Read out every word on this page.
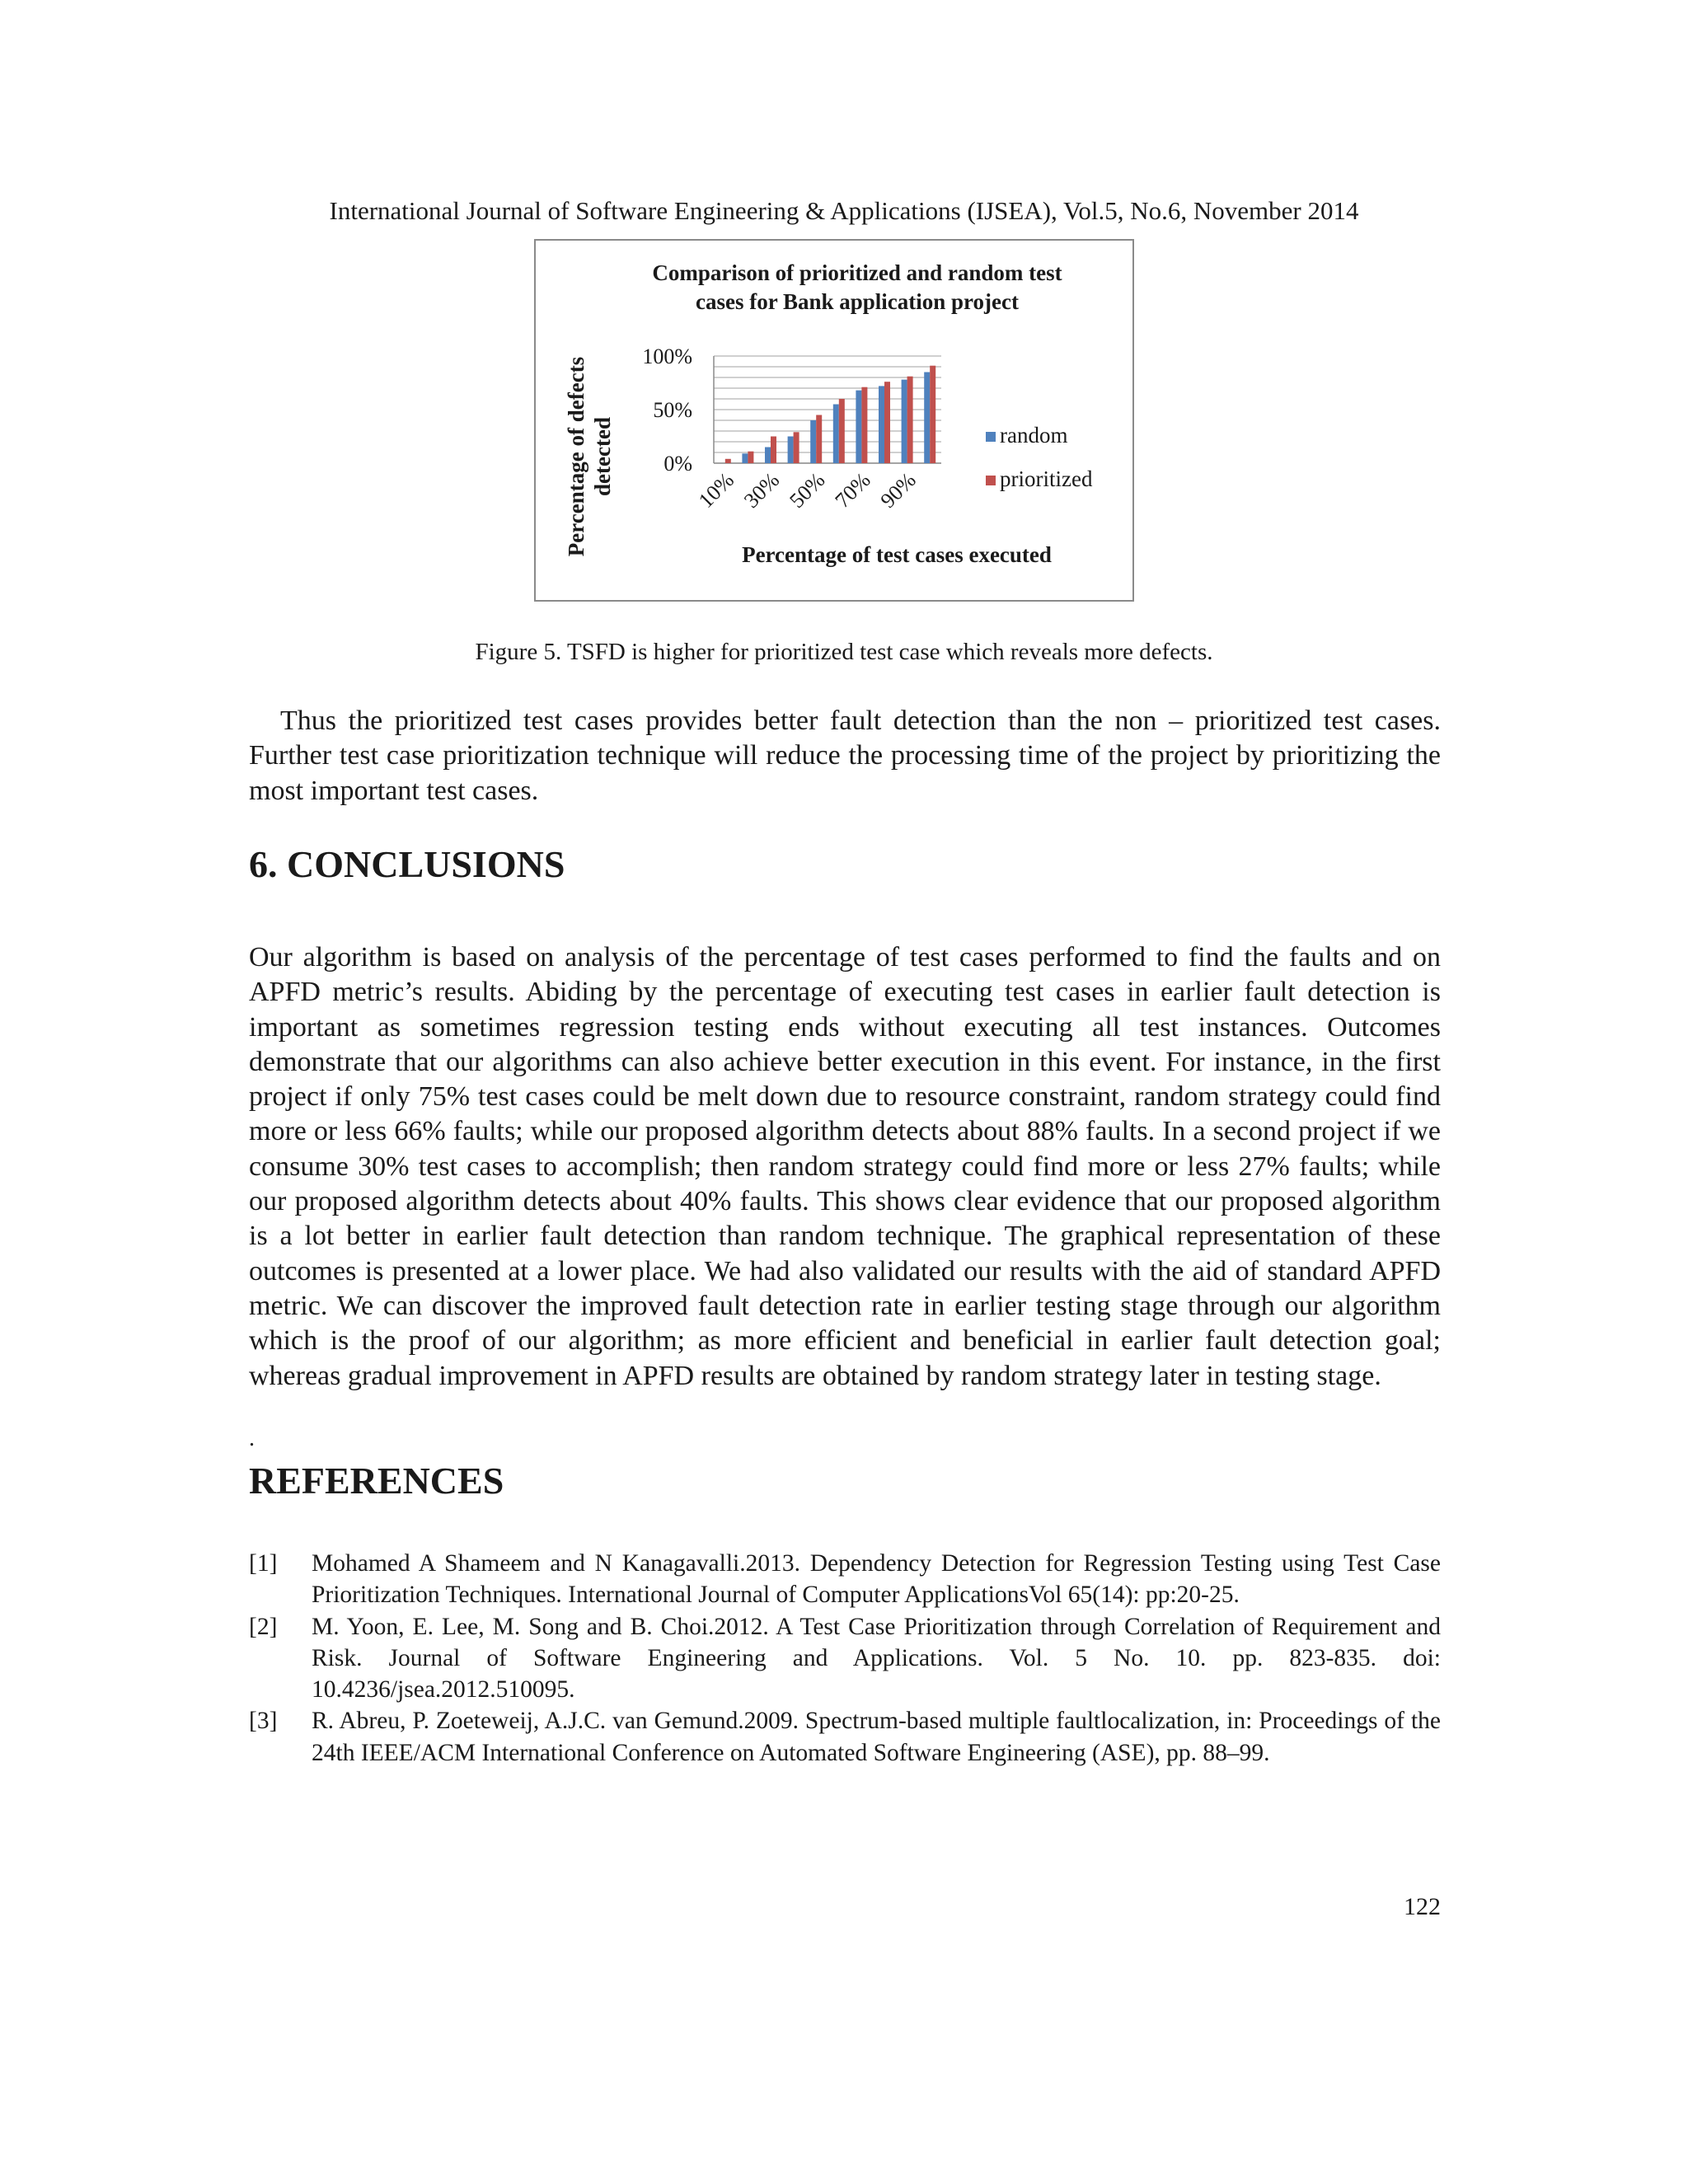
International Journal of Software Engineering & Applications (IJSEA), Vol.5, No.6, November 2014
Comparison of prioritized and random test
cases for Bank application project
100%
50%
0%
10% 30% 50% 70% 90%
random
prioritized
Percentage of test cases executed
Percentage of defects detected
Figure 5. TSFD is higher for prioritized test case which reveals more defects.

Thus the prioritized test cases provides better fault detection than the non – prioritized test cases. Further test case prioritization technique will reduce the processing time of the project by prioritizing the most important test cases.

6. CONCLUSIONS

Our algorithm is based on analysis of the percentage of test cases performed to find the faults and on APFD metric’s results. Abiding by the percentage of executing test cases in earlier fault detection is important as sometimes regression testing ends without executing all test instances. Outcomes demonstrate that our algorithms can also achieve better execution in this event. For instance, in the first project if only 75% test cases could be melt down due to resource constraint, random strategy could find more or less 66% faults; while our proposed algorithm detects about 88% faults. In a second project if we consume 30% test cases to accomplish; then random strategy could find more or less 27% faults; while our proposed algorithm detects about 40% faults. This shows clear evidence that our proposed algorithm is a lot better in earlier fault detection than random technique. The graphical representation of these outcomes is presented at a lower place. We had also validated our results with the aid of standard APFD metric. We can discover the improved fault detection rate in earlier testing stage through our algorithm which is the proof of our algorithm; as more efficient and beneficial in earlier fault detection goal; whereas gradual improvement in APFD results are obtained by random strategy later in testing stage.

.
REFERENCES
[1] Mohamed A Shameem and N Kanagavalli.2013. Dependency Detection for Regression Testing using Test Case Prioritization Techniques. International Journal of Computer ApplicationsVol 65(14): pp:20-25.
[2] M. Yoon, E. Lee, M. Song and B. Choi.2012. A Test Case Prioritization through Correlation of Requirement and Risk. Journal of Software Engineering and Applications. Vol. 5 No. 10. pp. 823-835. doi: 10.4236/jsea.2012.510095.
[3] R. Abreu, P. Zoeteweij, A.J.C. van Gemund.2009. Spectrum-based multiple faultlocalization, in: Proceedings of the 24th IEEE/ACM International Conference on Automated Software Engineering (ASE), pp. 88–99.
122
